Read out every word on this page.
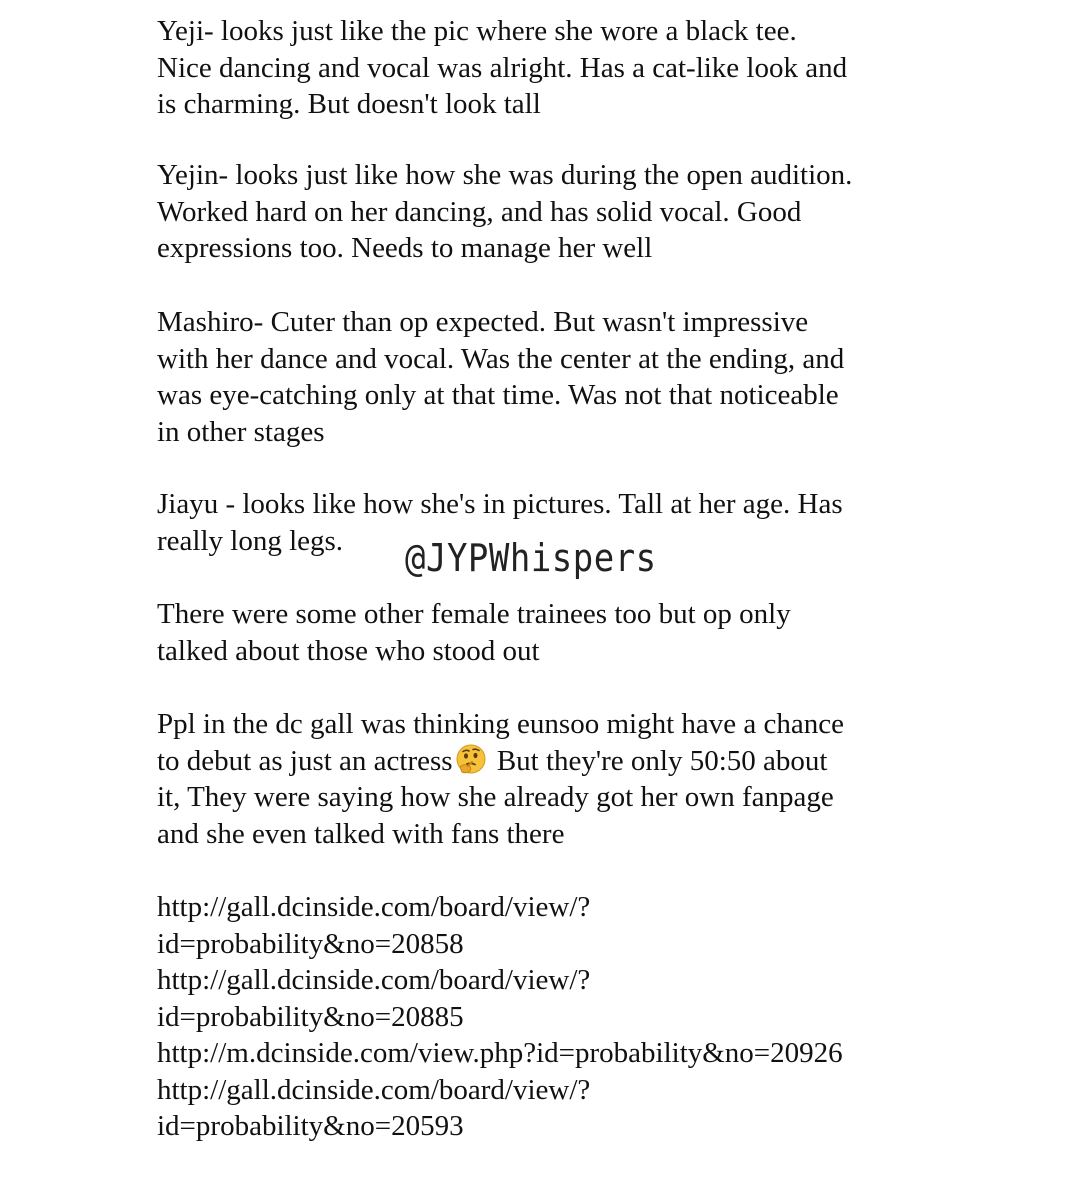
Yeji- looks just like the pic where she wore a black tee.
Nice dancing and vocal was alright. Has a cat-like look and
is charming. But doesn't look tall
Yejin- looks just like how she was during the open audition.
Worked hard on her dancing, and has solid vocal. Good
expressions too. Needs to manage her well
Mashiro- Cuter than op expected. But wasn't impressive
with her dance and vocal. Was the center at the ending, and
was eye-catching only at that time. Was not that noticeable
in other stages
Jiayu - looks like how she's in pictures. Tall at her age. Has
really long legs.	@JYPWhispers
There were some other female trainees too but op only
talked about those who stood out
Ppl in the dc gall was thinking eunsoo might have a chance
to debut as just an actress But they're only 50:50 about
it, They were saying how she already got her own fanpage
and she even talked with fans there
http://gall.dcinside.com/board/view/?
id=probability&no=20858
http://gall.dcinside.com/board/view/?
id=probability&no=20885
http://m.dcinside.com/view.php?id=probability&no=20926
http://gall.dcinside.com/board/view/?
id=probability&no=20593
